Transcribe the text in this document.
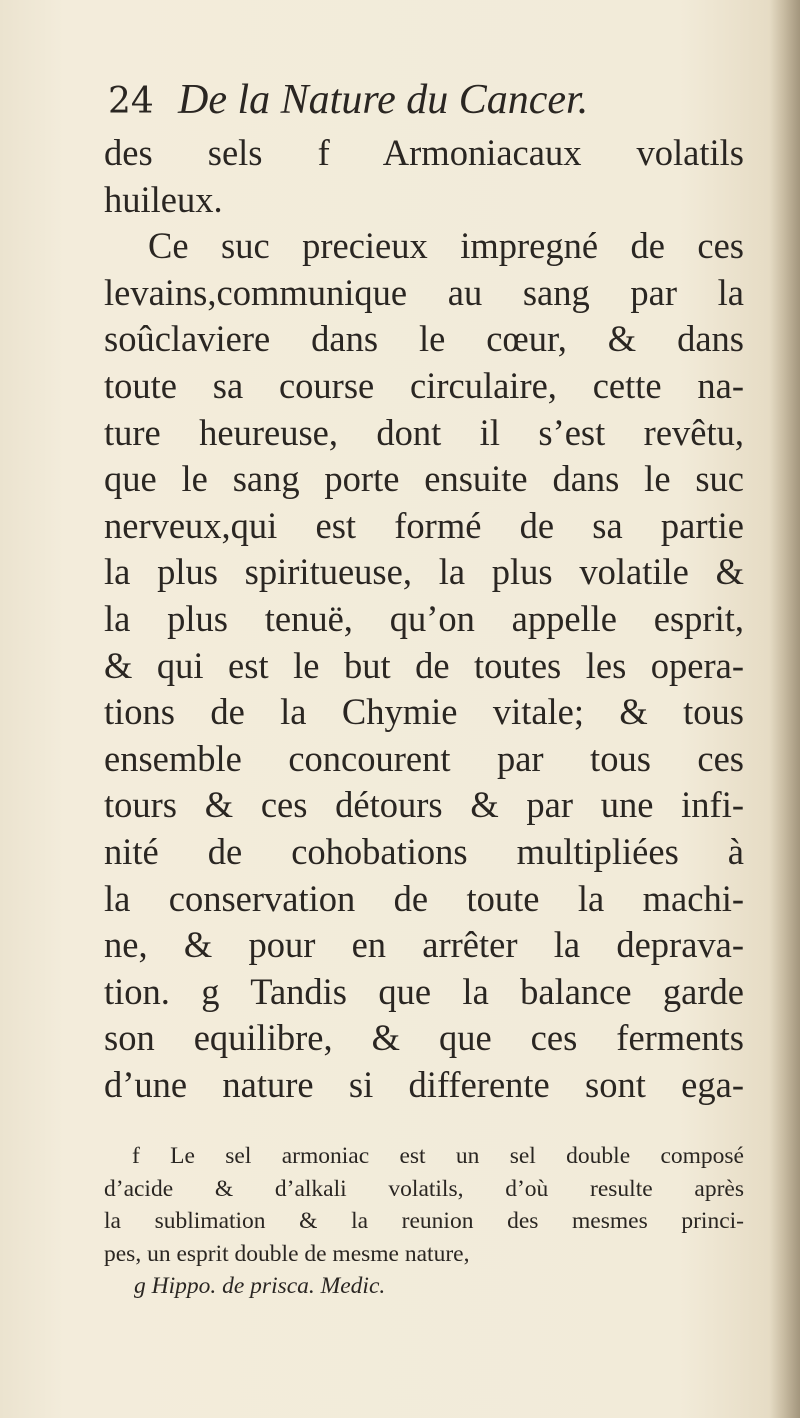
24 De la Nature du Cancer.
des sels f Armoniacaux volatils
huileux.
Ce suc precieux impregné de ces
levains,communique au sang par la
soûclaviere dans le cœur, & dans
toute sa course circulaire, cette na-
ture heureuse, dont il s’est revêtu,
que le sang porte ensuite dans le suc
nerveux,qui est formé de sa partie
la plus spiritueuse, la plus volatile &
la plus tenuë, qu’on appelle esprit,
& qui est le but de toutes les opera-
tions de la Chymie vitale; & tous
ensemble concourent par tous ces
tours & ces détours & par une infi-
nité de cohobations multipliées à
la conservation de toute la machi-
ne, & pour en arrêter la deprava-
tion. g Tandis que la balance garde
son equilibre, & que ces ferments
d’une nature si differente sont ega-
f Le sel armoniac est un sel double composé
d’acide & d’alkali volatils, d’où resulte après
la sublimation & la reunion des mesmes princi-
pes, un esprit double de mesme nature,
g Hippo. de prisca. Medic.
